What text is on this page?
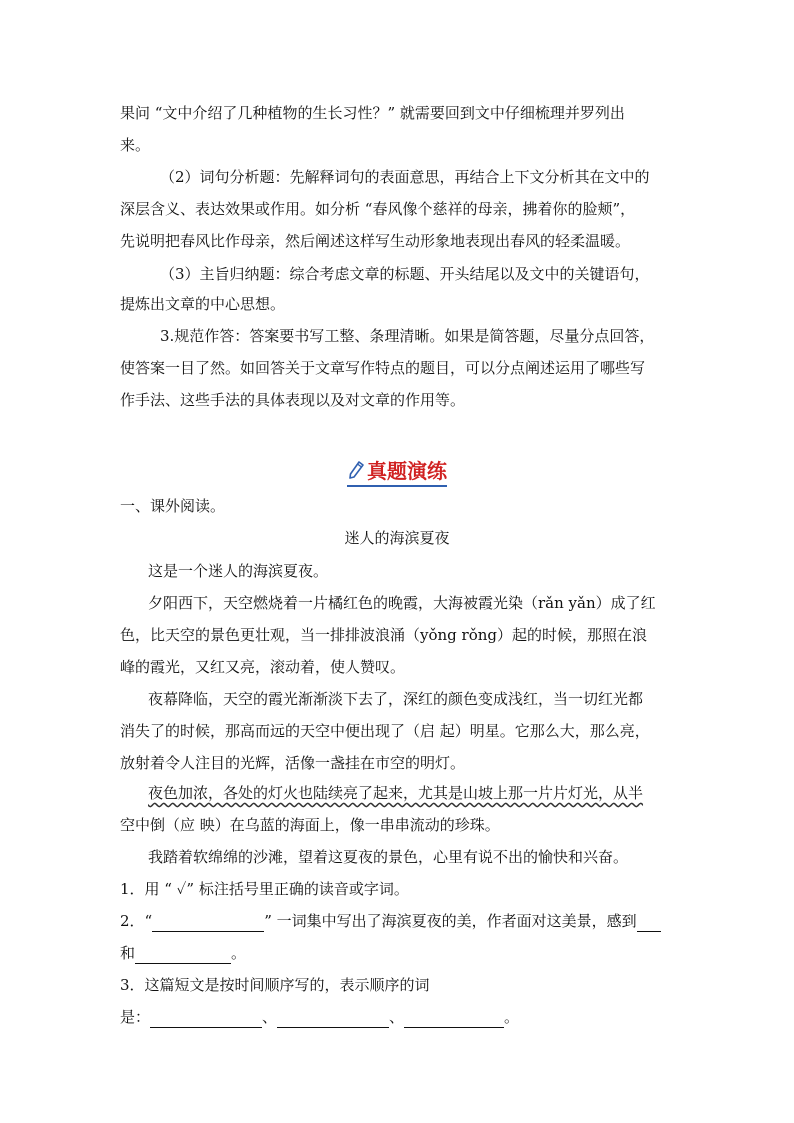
果问 “文中介绍了几种植物的生长习性？” 就需要回到文中仔细梳理并罗列出
来。
（2）词句分析题：先解释词句的表面意思，再结合上下文分析其在文中的
深层含义、表达效果或作用。如分析 “春风像个慈祥的母亲，拂着你的脸颊”，
先说明把春风比作母亲，然后阐述这样写生动形象地表现出春风的轻柔温暖。
（3）主旨归纳题：综合考虑文章的标题、开头结尾以及文中的关键语句，
提炼出文章的中心思想。
3.规范作答：答案要书写工整、条理清晰。如果是简答题，尽量分点回答，
使答案一目了然。如回答关于文章写作特点的题目，可以分点阐述运用了哪些写
作手法、这些手法的具体表现以及对文章的作用等。
真题演练
一、课外阅读。
迷人的海滨夏夜
这是一个迷人的海滨夏夜。
夕阳西下，天空燃烧着一片橘红色的晚霞，大海被霞光染（rǎn yǎn）成了红
色，比天空的景色更壮观，当一排排波浪涌（yǒng rǒng）起的时候，那照在浪
峰的霞光，又红又亮，滚动着，使人赞叹。
夜幕降临，天空的霞光渐渐淡下去了，深红的颜色变成浅红，当一切红光都
消失了的时候，那高而远的天空中便出现了（启 起）明星。它那么大，那么亮，
放射着令人注目的光辉，活像一盏挂在市空的明灯。
夜色加浓，各处的灯火也陆续亮了起来，尤其是山坡上那一片片灯光，从半
空中倒（应 映）在乌蓝的海面上，像一串串流动的珍珠。
我踏着软绵绵的沙滩，望着这夏夜的景色，心里有说不出的愉快和兴奋。
1．用 “ ✓” 标注括号里正确的读音或字词。
2．“	” 一词集中写出了海滨夏夜的美，作者面对这美景，感到
和	。
3．这篇短文是按时间顺序写的，表示顺序的词
是：	、	、	。
